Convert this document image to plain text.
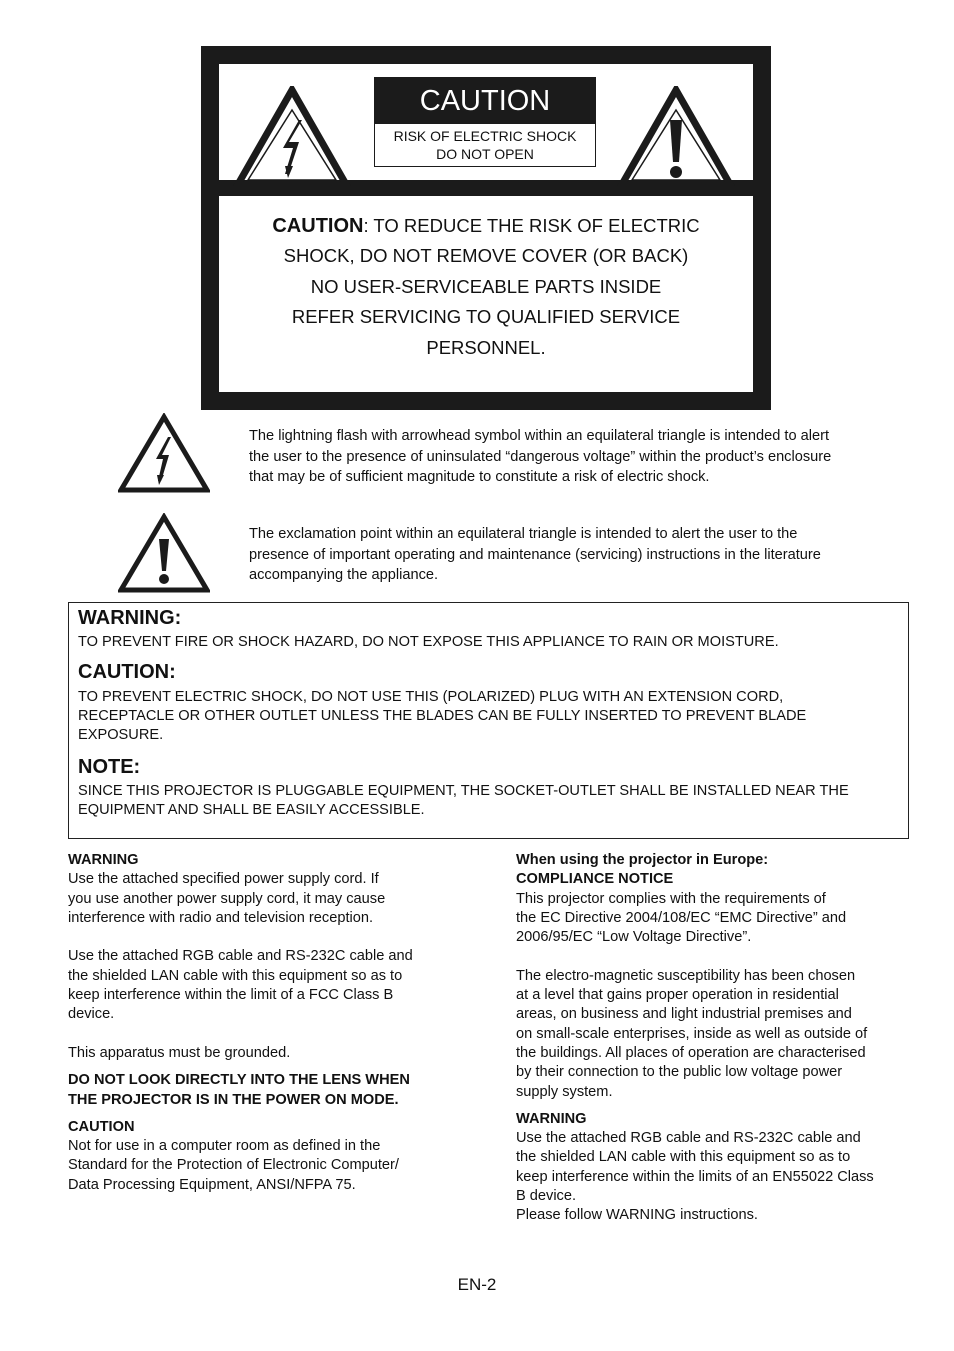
CAUTION
RISK OF ELECTRIC SHOCK
DO NOT OPEN
CAUTION: TO REDUCE THE RISK OF ELECTRIC
SHOCK, DO NOT REMOVE COVER (OR BACK)
NO USER-SERVICEABLE PARTS INSIDE
REFER SERVICING TO QUALIFIED SERVICE
PERSONNEL.
The lightning flash with arrowhead symbol within an equilateral triangle is intended to alert
the user to the presence of uninsulated “dangerous voltage” within the product’s enclosure
that may be of sufficient magnitude to constitute a risk of electric shock.
The exclamation point within an equilateral triangle is intended to alert the user to the
presence of important operating and maintenance (servicing) instructions in the literature
accompanying the appliance.
WARNING:
TO PREVENT FIRE OR SHOCK HAZARD, DO NOT EXPOSE THIS APPLIANCE TO RAIN OR MOISTURE.
CAUTION:
TO PREVENT ELECTRIC SHOCK, DO NOT USE THIS (POLARIZED) PLUG WITH AN EXTENSION CORD,
RECEPTACLE OR OTHER OUTLET UNLESS THE BLADES CAN BE FULLY INSERTED TO PREVENT BLADE
EXPOSURE.
NOTE:
SINCE THIS PROJECTOR IS PLUGGABLE EQUIPMENT, THE SOCKET-OUTLET SHALL BE INSTALLED NEAR THE
EQUIPMENT AND SHALL BE EASILY ACCESSIBLE.
WARNING
Use the attached specified power supply cord. If
you use another power supply cord, it may cause
interference with radio and television reception.
Use the attached RGB cable and RS-232C cable and
the shielded LAN cable with this equipment so as to
keep interference within the limit of a FCC Class B
device.
This apparatus must be grounded.
DO NOT LOOK DIRECTLY INTO THE LENS WHEN
THE PROJECTOR IS IN THE POWER ON MODE.
CAUTION
Not for use in a computer room as defined in the
Standard for the Protection of Electronic Computer/
Data Processing Equipment, ANSI/NFPA 75.
When using the projector in Europe:
COMPLIANCE NOTICE
This projector complies with the requirements of
the EC Directive 2004/108/EC “EMC Directive” and
2006/95/EC “Low Voltage Directive”.
The electro-magnetic susceptibility has been chosen
at a level that gains proper operation in residential
areas, on business and light industrial premises and
on small-scale enterprises, inside as well as outside of
the buildings. All places of operation are characterised
by their connection to the public low voltage power
supply system.
WARNING
Use the attached RGB cable and RS-232C cable and
the shielded LAN cable with this equipment so as to
keep interference within the limits of an EN55022 Class
B device.
Please follow WARNING instructions.
EN-2
